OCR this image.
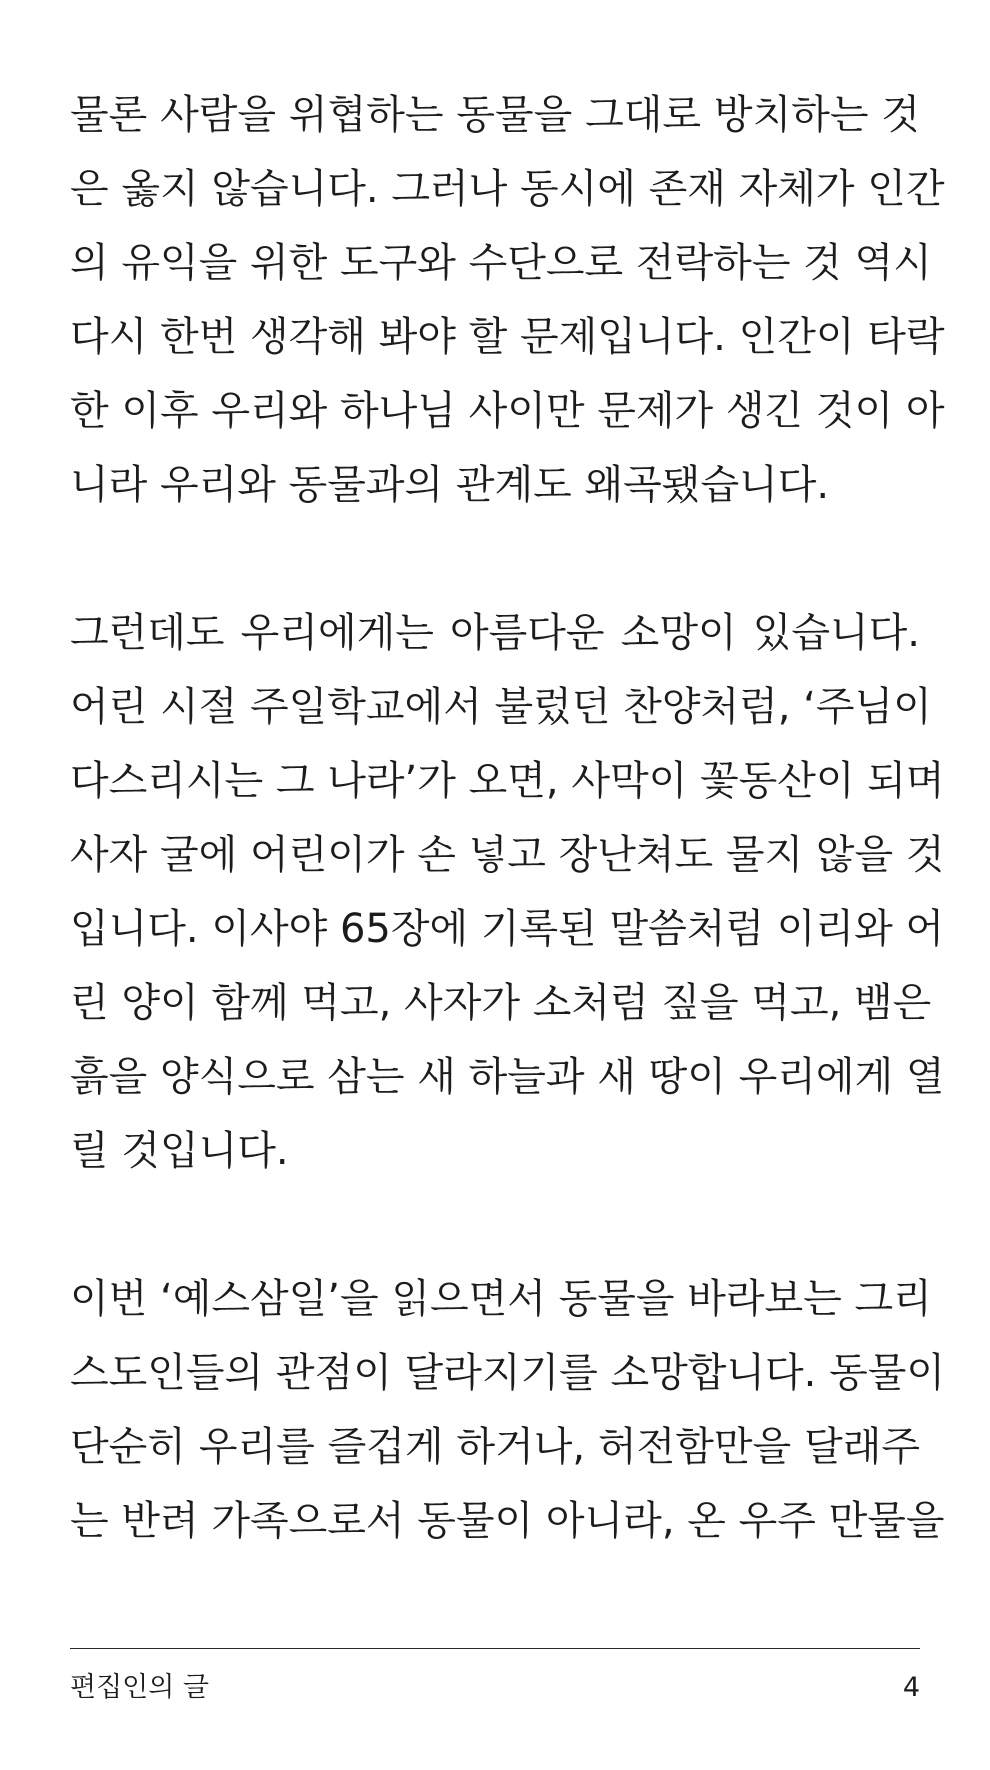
물론 사람을 위협하는 동물을 그대로 방치하는 것
은 옳지 않습니다. 그러나 동시에 존재 자체가 인간
의 유익을 위한 도구와 수단으로 전락하는 것 역시
다시 한번 생각해 봐야 할 문제입니다. 인간이 타락
한 이후 우리와 하나님 사이만 문제가 생긴 것이 아
니라 우리와 동물과의 관계도 왜곡됐습니다.
그런데도 우리에게는 아름다운 소망이 있습니다.
어린 시절 주일학교에서 불렀던 찬양처럼, ‘주님이
다스리시는 그 나라’가 오면, 사막이 꽃동산이 되며
사자 굴에 어린이가 손 넣고 장난쳐도 물지 않을 것
입니다. 이사야 65장에 기록된 말씀처럼 이리와 어
린 양이 함께 먹고, 사자가 소처럼 짚을 먹고, 뱀은
흙을 양식으로 삼는 새 하늘과 새 땅이 우리에게 열
릴 것입니다.
이번 ‘예스삼일’을 읽으면서 동물을 바라보는 그리
스도인들의 관점이 달라지기를 소망합니다. 동물이
단순히 우리를 즐겁게 하거나, 허전함만을 달래주
는 반려 가족으로서 동물이 아니라, 온 우주 만물을
편집인의 글	4
